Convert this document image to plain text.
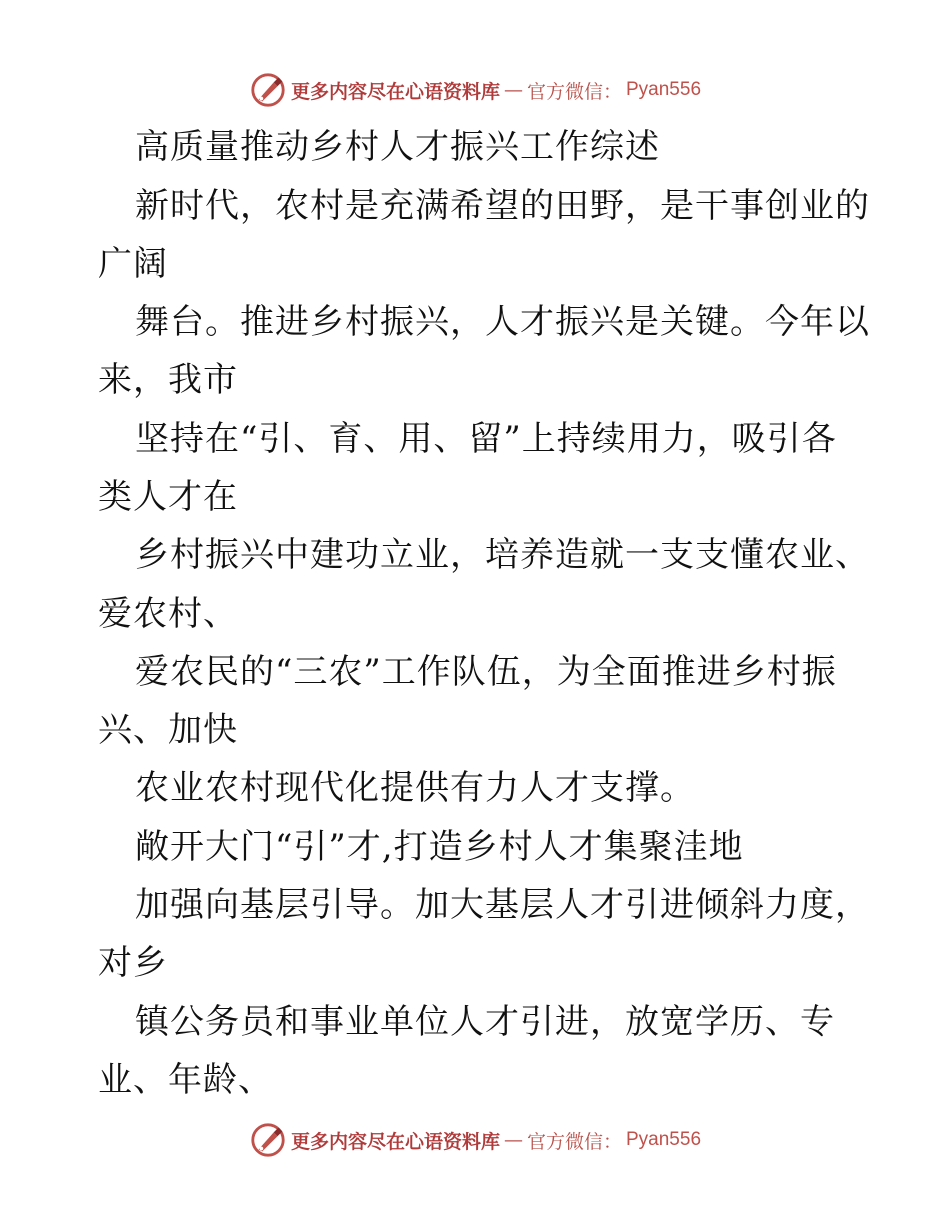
更多内容尽在心语资料库 — 官方微信： Pyan556
高质量推动乡村人才振兴工作综述
新时代，农村是充满希望的田野，是干事创业的
广阔
舞台。推进乡村振兴，人才振兴是关键。今年以
来，我市
坚持在“引、育、用、留”上持续用力，吸引各
类人才在
乡村振兴中建功立业，培养造就一支支懂农业、
爱农村、
爱农民的“三农”工作队伍，为全面推进乡村振
兴、加快
农业农村现代化提供有力人才支撑。
敞开大门“引”才,打造乡村人才集聚洼地
加强向基层引导。加大基层人才引进倾斜力度，
对乡
镇公务员和事业单位人才引进，放宽学历、专
业、年龄、
更多内容尽在心语资料库 — 官方微信： Pyan556
